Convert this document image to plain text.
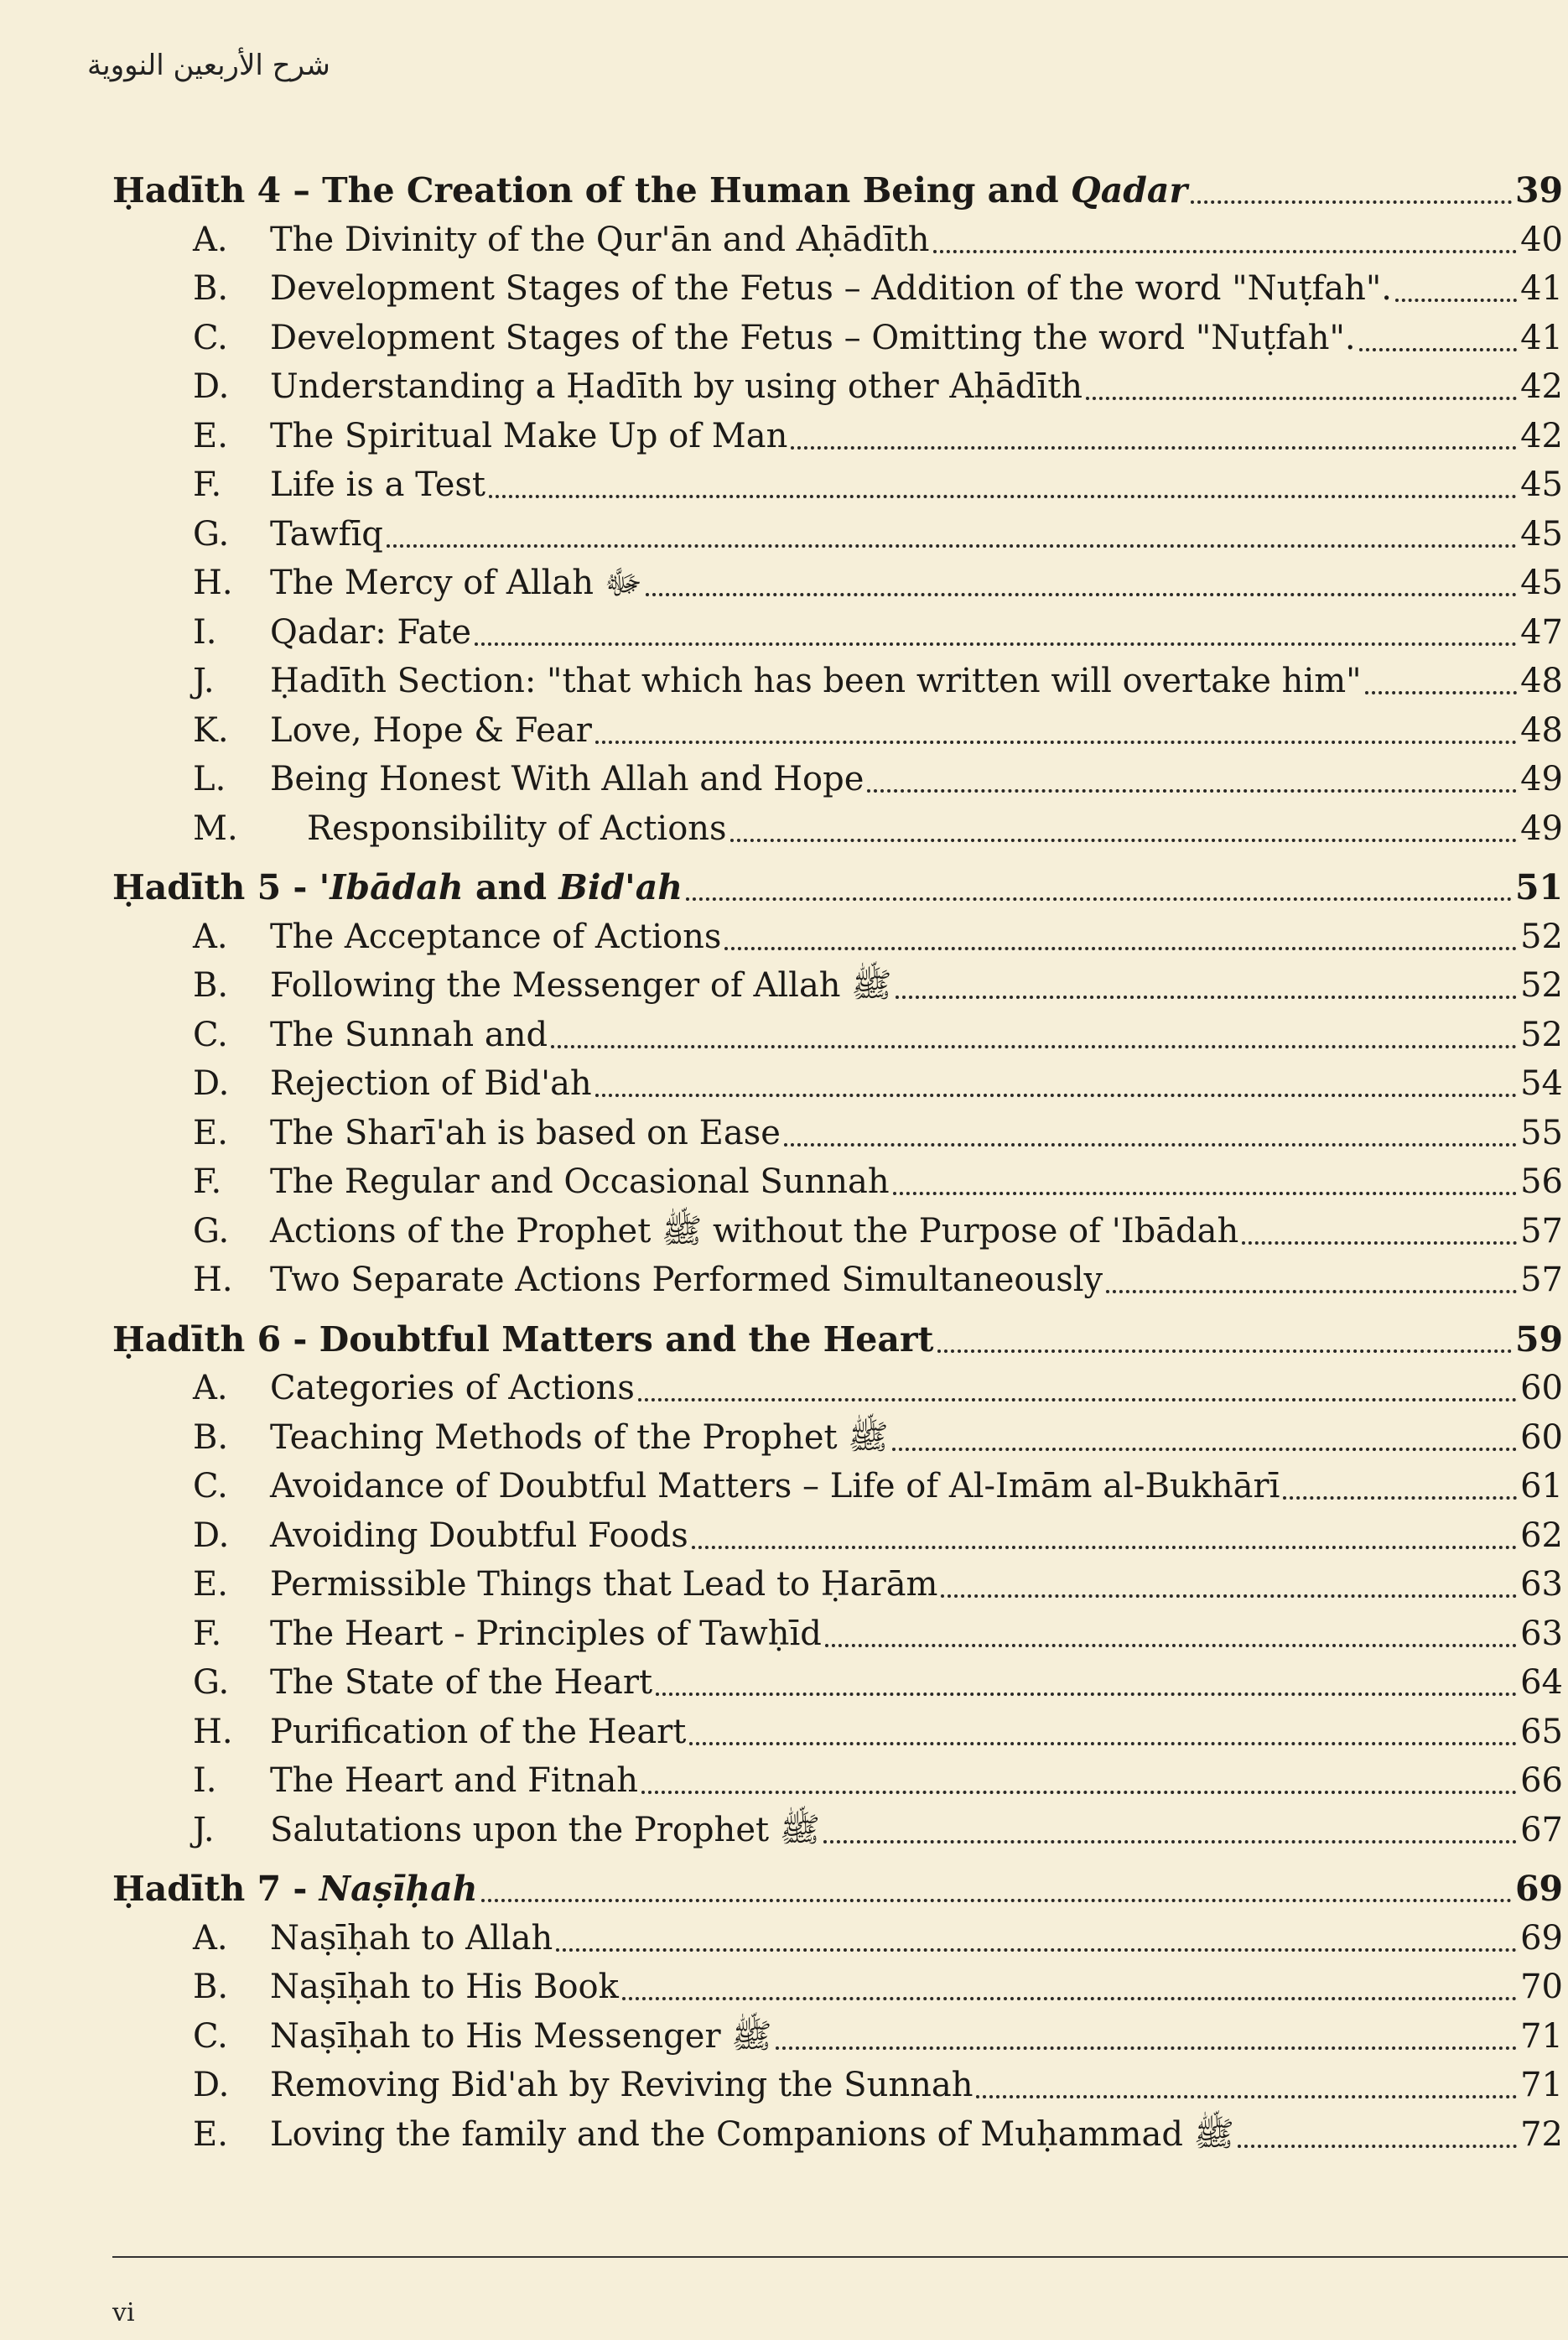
شرح الأربعين النووية
Ḥadīth 4 – The Creation of the Human Being and Qadar	39
A.	The Divinity of the Qur'ān and Aḥādīth	40
B.	Development Stages of the Fetus – Addition of the word "Nuṭfah".	41
C.	Development Stages of the Fetus – Omitting the word "Nuṭfah".	41
D.	Understanding a Ḥadīth by using other Aḥādīth	42
E.	The Spiritual Make Up of Man	42
F.	Life is a Test	45
G.	Tawfīq	45
H.	The Mercy of Allah ﷻ	45
I.	Qadar: Fate	47
J.	Ḥadīth Section: "that which has been written will overtake him"	48
K.	Love, Hope & Fear	48
L.	Being Honest With Allah and Hope	49
M.	Responsibility of Actions	49
Ḥadīth 5 - 'Ibādah and Bid'ah	51
A.	The Acceptance of Actions	52
B.	Following the Messenger of Allah ﷺ	52
C.	The Sunnah and	52
D.	Rejection of Bid'ah	54
E.	The Sharī'ah is based on Ease	55
F.	The Regular and Occasional Sunnah	56
G.	Actions of the Prophet ﷺ without the Purpose of 'Ibādah	57
H.	Two Separate Actions Performed Simultaneously	57
Ḥadīth 6 - Doubtful Matters and the Heart	59
A.	Categories of Actions	60
B.	Teaching Methods of the Prophet ﷺ	60
C.	Avoidance of Doubtful Matters – Life of Al-Imām al-Bukhārī	61
D.	Avoiding Doubtful Foods	62
E.	Permissible Things that Lead to Ḥarām	63
F.	The Heart - Principles of Tawḥīd	63
G.	The State of the Heart	64
H.	Purification of the Heart	65
I.	The Heart and Fitnah	66
J.	Salutations upon the Prophet ﷺ	67
Ḥadīth 7 - Naṣīḥah	69
A.	Naṣīḥah to Allah	69
B.	Naṣīḥah to His Book	70
C.	Naṣīḥah to His Messenger ﷺ	71
D.	Removing Bid'ah by Reviving the Sunnah	71
E.	Loving the family and the Companions of Muḥammad ﷺ	72
vi
